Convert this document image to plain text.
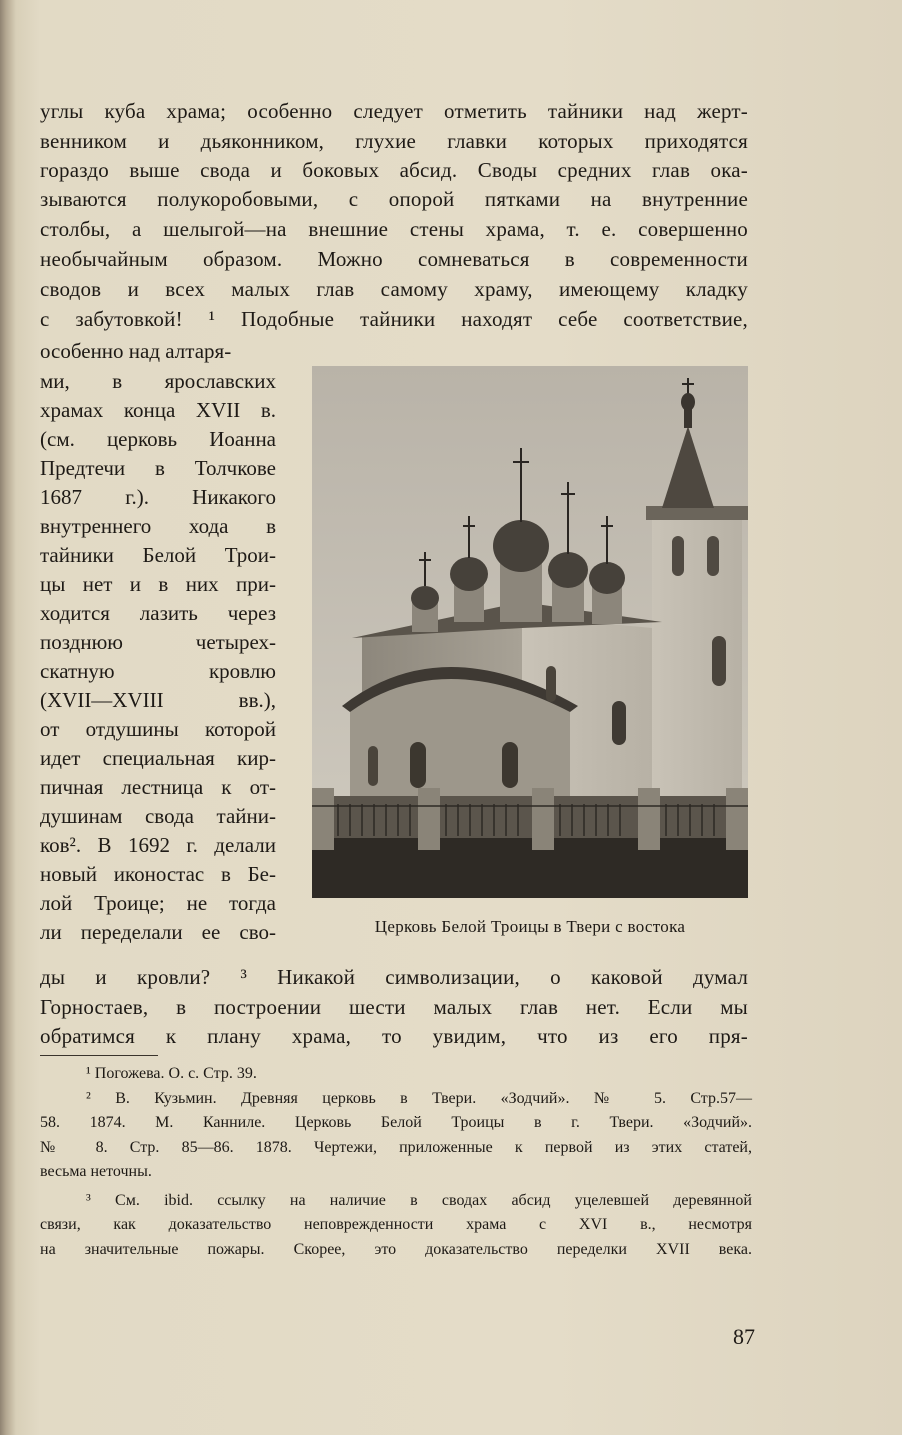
углы куба храма; особенно следует отметить тайники над жерт-
венником и дьяконником, глухие главки которых приходятся
гораздо выше свода и боковых абсид. Своды средних глав ока-
зываются полукоробовыми, с опорой пятками на внутренние
столбы, а шелыгой—на внешние стены храма, т. е. совершенно
необычайным образом. Можно сомневаться в современности
сводов и всех малых глав самому храму, имеющему кладку
с забутовкой! ¹ Подобные тайники находят себе соответствие,
особенно над алтаря-
ми, в ярославских
храмах конца XVII в.
(см. церковь Иоанна
Предтечи в Толчкове
1687 г.). Никакого
внутреннего хода в
тайники Белой Трои-
цы нет и в них при-
ходится лазить через
позднюю четырех-
скатную кровлю
(XVII—XVIII вв.),
от отдушины которой
идет специальная кир-
пичная лестница к от-
душинам свода тайни-
ков². В 1692 г. делали
новый иконостас в Бе-
лой Троице; не тогда
ли переделали ее сво-	Церковь Белой Троицы в Твери с востока
ды и кровли? ³ Никакой символизации, о каковой думал
Горностаев, в построении шести малых глав нет. Если мы
обратимся к плану храма, то увидим, что из его пря-
¹ Погожева. О. с. Стр. 39.
² В. Кузьмин. Древняя церковь в Твери. «Зодчий». № 5. Стр.57—
58. 1874. М. Каннилe. Церковь Белой Троицы в г. Твери. «Зодчий».
№ 8. Стр. 85—86. 1878. Чертежи, приложенные к первой из этих статей,
весьма неточны.
³ См. ibid. ссылку на наличие в сводах абсид уцелевшей деревянной
связи, как доказательство неповрежденности храма с XVI в., несмотря
на значительные пожары. Скорее, это доказательство переделки XVII века.
87
